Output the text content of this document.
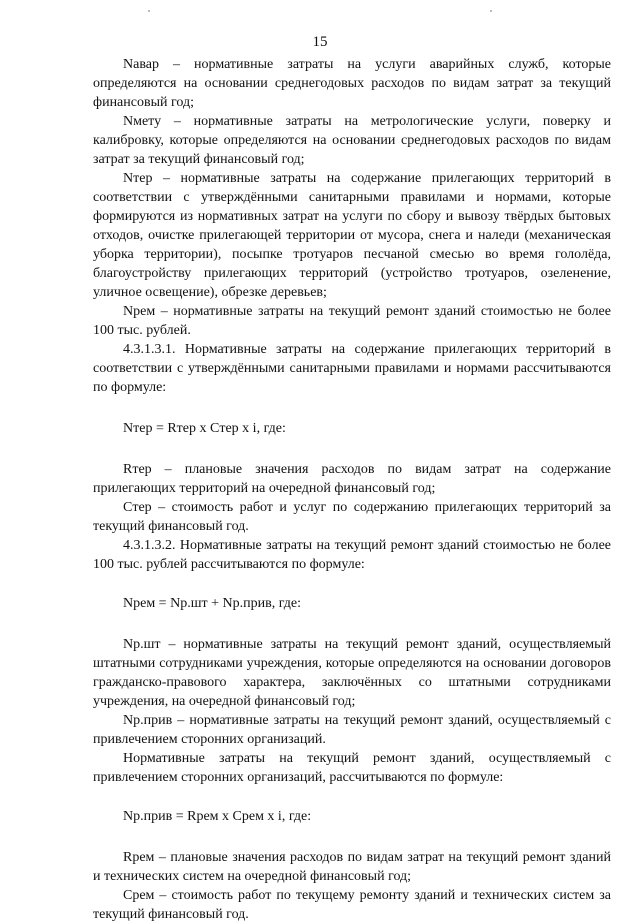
15

Nавар – нормативные затраты на услуги аварийных служб, которые определяются на основании среднегодовых расходов по видам затрат за текущий финансовый год;

Nмету – нормативные затраты на метрологические услуги, поверку и калибровку, которые определяются на основании среднегодовых расходов по видам затрат за текущий финансовый год;

Nтер – нормативные затраты на содержание прилегающих территорий в соответствии с утверждёнными санитарными правилами и нормами, которые формируются из нормативных затрат на услуги по сбору и вывозу твёрдых бытовых отходов, очистке прилегающей территории от мусора, снега и наледи (механическая уборка территории), посыпке тротуаров песчаной смесью во время гололёда, благоустройству прилегающих территорий (устройство тротуаров, озеленение, уличное освещение), обрезке деревьев;

Nрем – нормативные затраты на текущий ремонт зданий стоимостью не более 100 тыс. рублей.

4.3.1.3.1. Нормативные затраты на содержание прилегающих территорий в соответствии с утверждёнными санитарными правилами и нормами рассчитываются по формуле:

Nтер = Rтер x Cтер x i, где:

Rтер – плановые значения расходов по видам затрат на содержание прилегающих территорий на очередной финансовый год;

Cтер – стоимость работ и услуг по содержанию прилегающих территорий за текущий финансовый год.

4.3.1.3.2. Нормативные затраты на текущий ремонт зданий стоимостью не более 100 тыс. рублей рассчитываются по формуле:

Nрем = Nр.шт + Nр.прив, где:

Nр.шт – нормативные затраты на текущий ремонт зданий, осуществляемый штатными сотрудниками учреждения, которые определяются на основании договоров гражданско-правового характера, заключённых со штатными сотрудниками учреждения, на очередной финансовый год;

Nр.прив – нормативные затраты на текущий ремонт зданий, осуществляемый с привлечением сторонних организаций.

Нормативные затраты на текущий ремонт зданий, осуществляемый с привлечением сторонних организаций, рассчитываются по формуле:

Nр.прив = Rрем x Cрем x i, где:

Rрем – плановые значения расходов по видам затрат на текущий ремонт зданий и технических систем на очередной финансовый год;

Cрем – стоимость работ по текущему ремонту зданий и технических систем за текущий финансовый год.
